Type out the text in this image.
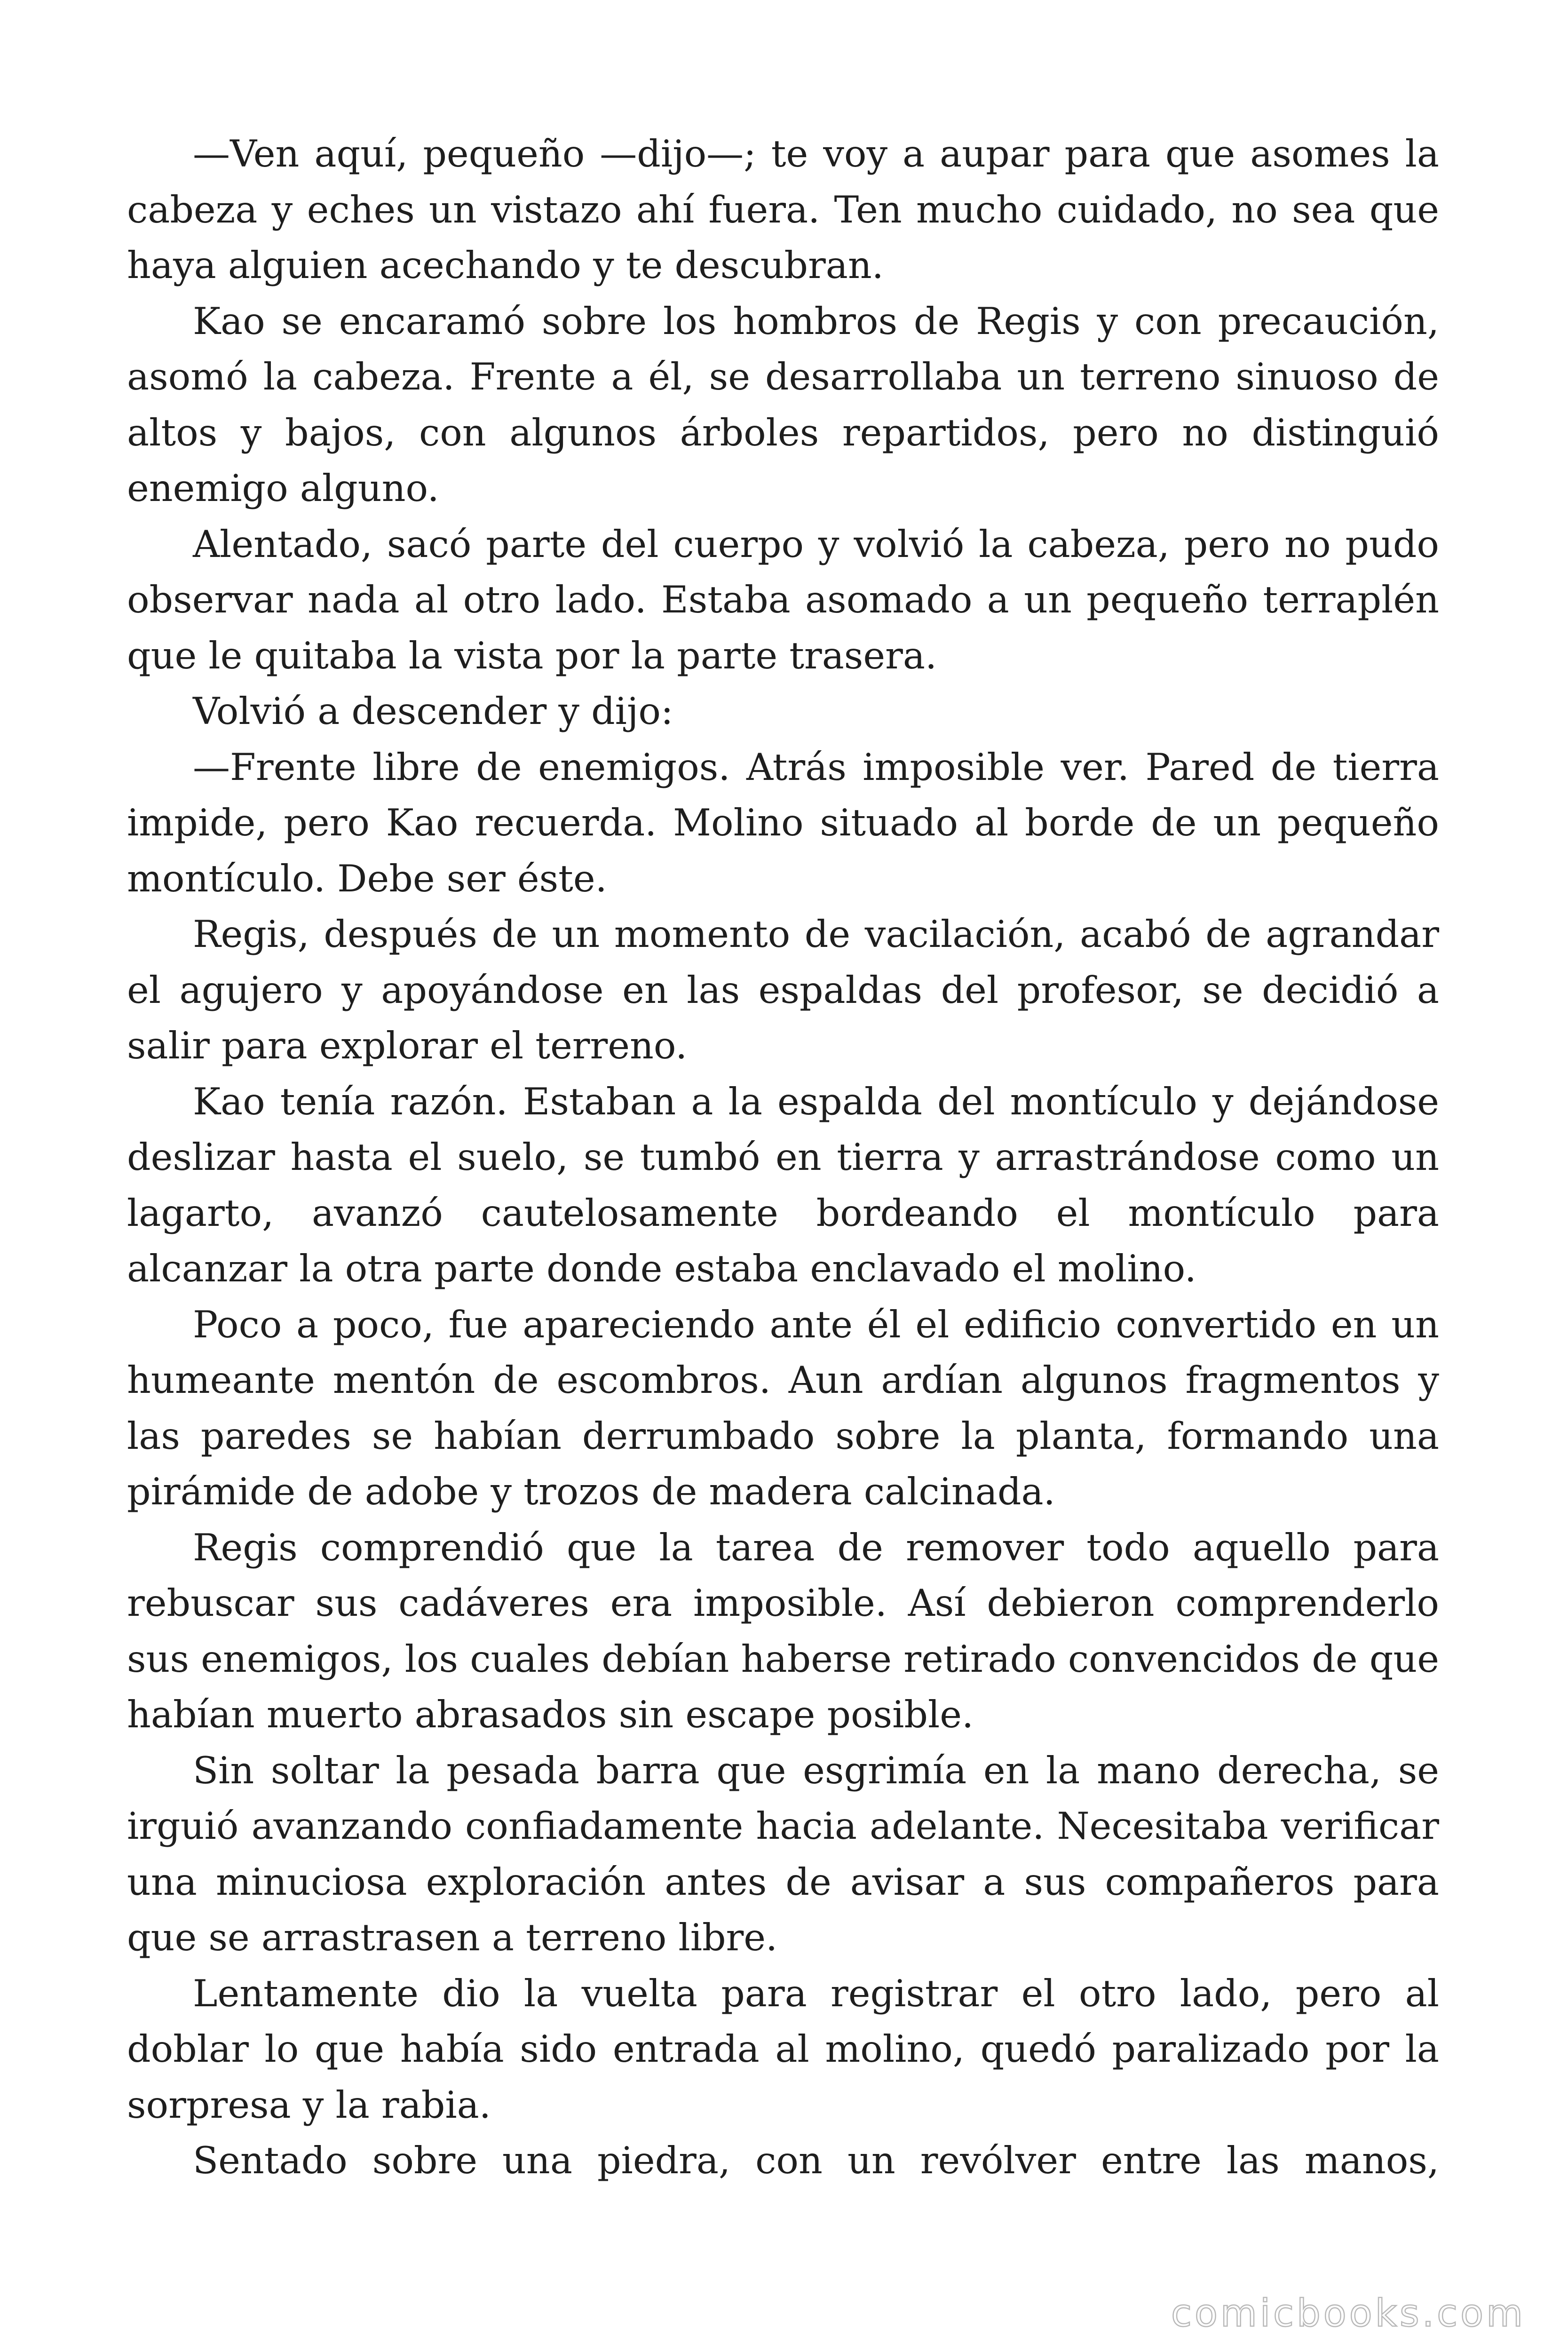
—Ven aquí, pequeño —dijo—; te voy a aupar para que asomes la cabeza y eches un vistazo ahí fuera. Ten mucho cuidado, no sea que haya alguien acechando y te descubran.

Kao se encaramó sobre los hombros de Regis y con precaución, asomó la cabeza. Frente a él, se desarrollaba un terreno sinuoso de altos y bajos, con algunos árboles repartidos, pero no distinguió enemigo alguno.

Alentado, sacó parte del cuerpo y volvió la cabeza, pero no pudo observar nada al otro lado. Estaba asomado a un pequeño terraplén que le quitaba la vista por la parte trasera.

Volvió a descender y dijo:

—Frente libre de enemigos. Atrás imposible ver. Pared de tierra impide, pero Kao recuerda. Molino situado al borde de un pequeño montículo. Debe ser éste.

Regis, después de un momento de vacilación, acabó de agrandar el agujero y apoyándose en las espaldas del profesor, se decidió a salir para explorar el terreno.

Kao tenía razón. Estaban a la espalda del montículo y dejándose deslizar hasta el suelo, se tumbó en tierra y arrastrándose como un lagarto, avanzó cautelosamente bordeando el montículo para alcanzar la otra parte donde estaba enclavado el molino.

Poco a poco, fue apareciendo ante él el edificio convertido en un humeante mentón de escombros. Aun ardían algunos fragmentos y las paredes se habían derrumbado sobre la planta, formando una pirámide de adobe y trozos de madera calcinada.

Regis comprendió que la tarea de remover todo aquello para rebuscar sus cadáveres era imposible. Así debieron comprenderlo sus enemigos, los cuales debían haberse retirado convencidos de que habían muerto abrasados sin escape posible.

Sin soltar la pesada barra que esgrimía en la mano derecha, se irguió avanzando confiadamente hacia adelante. Necesitaba verificar una minuciosa exploración antes de avisar a sus compañeros para que se arrastrasen a terreno libre.

Lentamente dio la vuelta para registrar el otro lado, pero al doblar lo que había sido entrada al molino, quedó paralizado por la sorpresa y la rabia.

Sentado sobre una piedra, con un revólver entre las manos,

comicbooks.com
